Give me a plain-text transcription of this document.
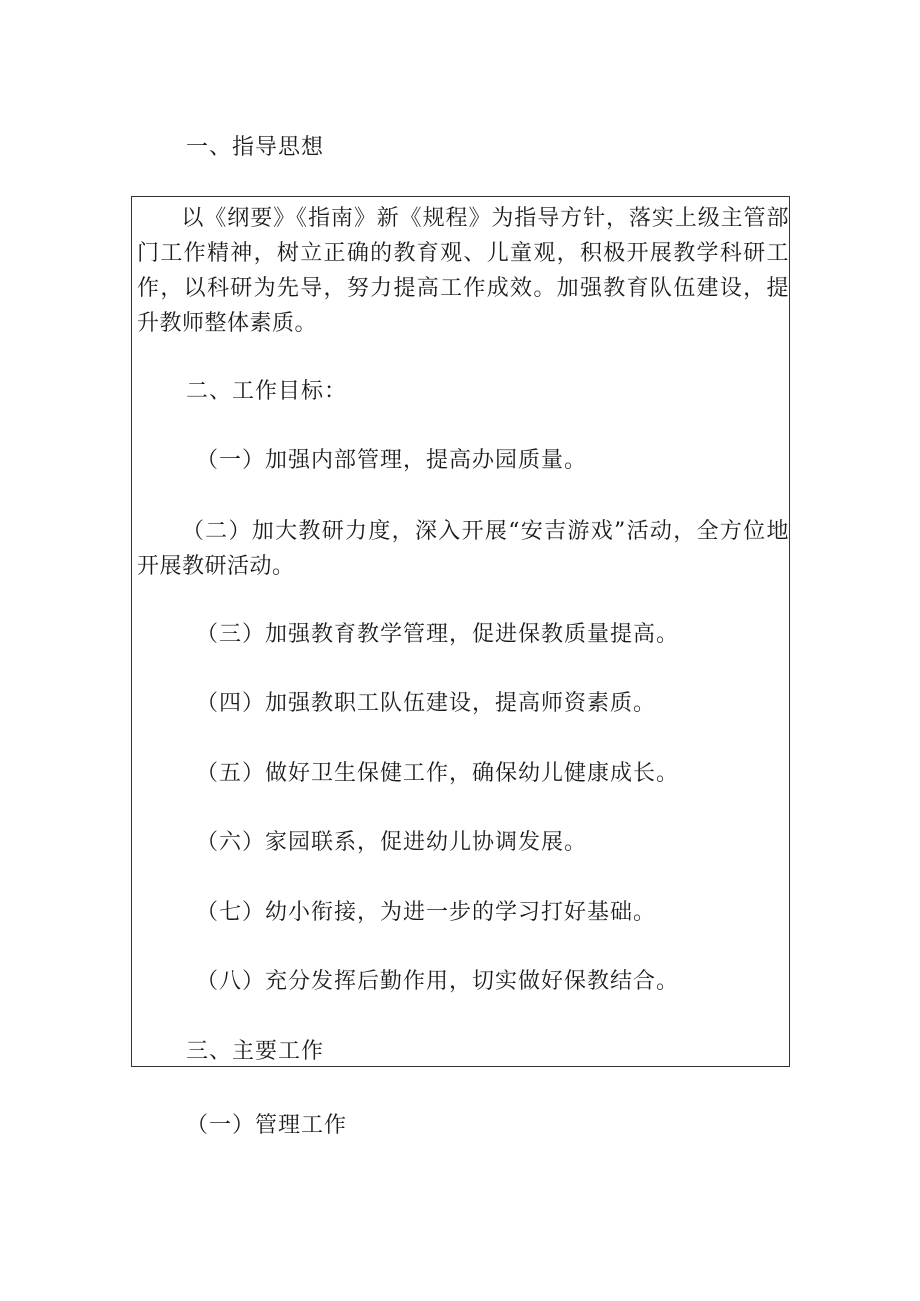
一、指导思想
以《纲要》《指南》新《规程》为指导方针，落实上级主管部门工作精神，树立正确的教育观、儿童观，积极开展教学科研工作，以科研为先导，努力提高工作成效。加强教育队伍建设，提升教师整体素质。
二、工作目标：
（一）加强内部管理，提高办园质量。
（二）加大教研力度，深入开展“安吉游戏”活动，全方位地开展教研活动。
（三）加强教育教学管理，促进保教质量提高。
（四）加强教职工队伍建设，提高师资素质。
（五）做好卫生保健工作，确保幼儿健康成长。
（六）家园联系，促进幼儿协调发展。
（七）幼小衔接，为进一步的学习打好基础。
（八）充分发挥后勤作用，切实做好保教结合。
三、主要工作
（一）管理工作
